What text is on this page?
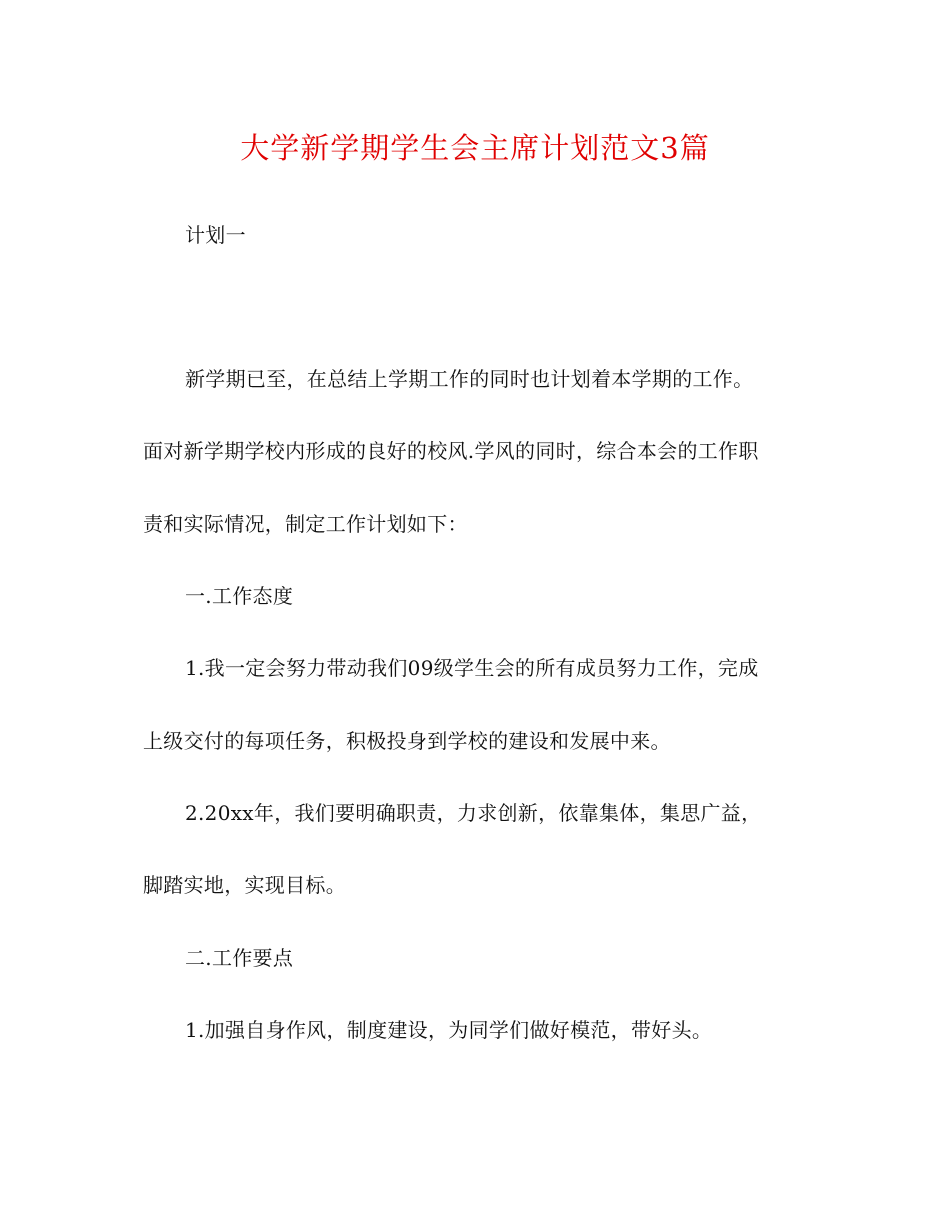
大学新学期学生会主席计划范文3篇
计划一
新学期已至，在总结上学期工作的同时也计划着本学期的工作。
面对新学期学校内形成的良好的校风.学风的同时，综合本会的工作职
责和实际情况，制定工作计划如下：
一.工作态度
1.我一定会努力带动我们09级学生会的所有成员努力工作，完成
上级交付的每项任务，积极投身到学校的建设和发展中来。
2.20xx年，我们要明确职责，力求创新，依靠集体，集思广益，
脚踏实地，实现目标。
二.工作要点
1.加强自身作风，制度建设，为同学们做好模范，带好头。
